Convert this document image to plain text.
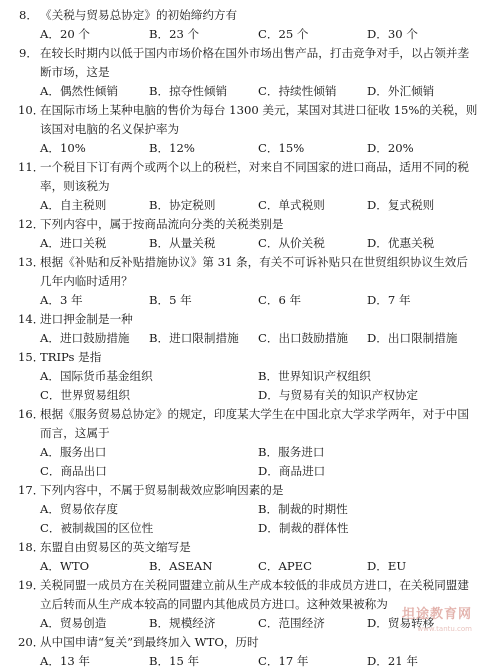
8． 《关税与贸易总协定》的初始缔约方有
A．20 个	B．23 个	C．25 个	D．30 个
9． 在较长时期内以低于国内市场价格在国外市场出售产品，打击竞争对手，以占领并垄断市场，这是
A．偶然性倾销	B．掠夺性倾销	C．持续性倾销	D．外汇倾销
10．在国际市场上某种电脑的售价为每台 1300 美元，某国对其进口征收 15%的关税，则该国对电脑的名义保护率为
A．10%	B．12%	C．15%	D．20%
11．一个税目下订有两个或两个以上的税栏，对来自不同国家的进口商品，适用不同的税率，则该税为
A．自主税则	B．协定税则	C．单式税则	D．复式税则
12．下列内容中，属于按商品流向分类的关税类别是
A．进口关税	B．从量关税	C．从价关税	D．优惠关税
13．根据《补贴和反补贴措施协议》第 31 条，有关不可诉补贴只在世贸组织协议生效后几年内临时适用？
A．3 年	B．5 年	C．6 年	D．7 年
14．进口押金制是一种
A．进口鼓励措施	B．进口限制措施	C．出口鼓励措施	D．出口限制措施
15．TRIPs 是指
A．国际货币基金组织	B．世界知识产权组织
C．世界贸易组织	D．与贸易有关的知识产权协定
16．根据《服务贸易总协定》的规定，印度某大学生在中国北京大学求学两年，对于中国而言，这属于
A．服务出口	B．服务进口
C．商品出口	D．商品进口
17．下列内容中，不属于贸易制裁效应影响因素的是
A．贸易依存度	B．制裁的时期性
C．被制裁国的区位性	D．制裁的群体性
18．东盟自由贸易区的英文缩写是
A．WTO	B．ASEAN	C．APEC	D．EU
19．关税同盟一成员方在关税同盟建立前从生产成本较低的非成员方进口，在关税同盟建立后转而从生产成本较高的同盟内其他成员方进口。这种效果被称为
A．贸易创造	B．规模经济	C．范围经济	D．贸易转移
20．从中国申请“复关”到最终加入 WTO，历时
A．13 年	B．15 年	C．17 年	D．21 年
坦途教育网
www.tantu.com
